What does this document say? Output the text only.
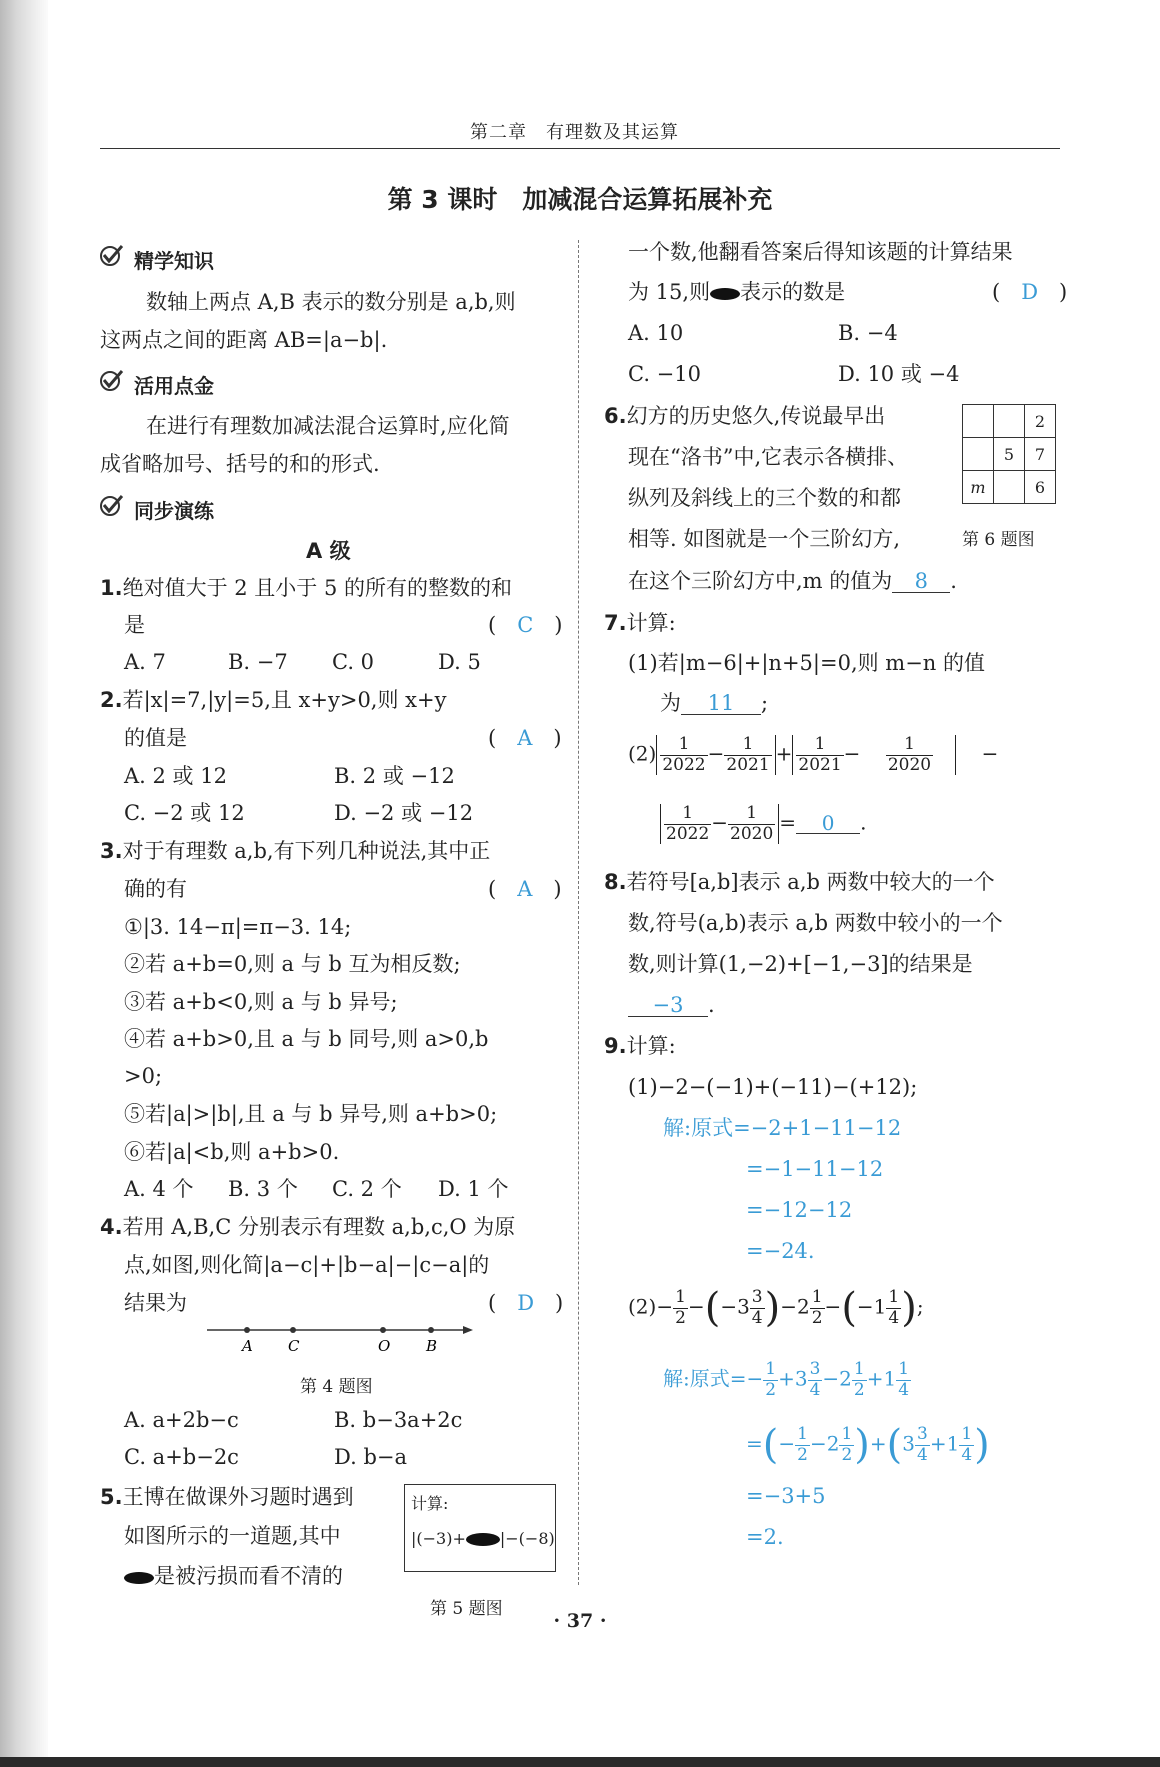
第二章　有理数及其运算
第 3 课时　加减混合运算拓展补充
精学知识
数轴上两点 A,B 表示的数分别是 a,b,则
这两点之间的距离 AB=|a−b|.
活用点金
在进行有理数加减法混合运算时,应化简
成省略加号、括号的和的形式.
同步演练
A 级
1.绝对值大于 2 且小于 5 的所有的整数的和
是	(　C　)
A. 7	B. −7 C. 0	D. 5
2.若|x|=7,|y|=5,且 x+y>0,则 x+y
的值是	(　A　)
A. 2 或 12	B. 2 或 −12
C. −2 或 12	D. −2 或 −12
3.对于有理数 a,b,有下列几种说法,其中正
确的有	(　A　)
①|3. 14−π|=π−3. 14;
②若 a+b=0,则 a 与 b 互为相反数;
③若 a+b<0,则 a 与 b 异号;
④若 a+b>0,且 a 与 b 同号,则 a>0,b
>0;
⑤若|a|>|b|,且 a 与 b 异号,则 a+b>0;
⑥若|a|<b,则 a+b>0.
A. 4 个 B. 3 个 C. 2 个 D. 1 个
4.若用 A,B,C 分别表示有理数 a,b,c,O 为原
点,如图,则化简|a−c|+|b−a|−|c−a|的
结果为	(　D　)
A C	O B
第 4 题图
A. a+2b−c	B. b−3a+2c
C. a+b−2c	D. b−a
5.王博在做课外习题时遇到
如图所示的一道题,其中
是被污损而看不清的
计算:
|(−3)+ |−(−8)
第 5 题图
一个数,他翻看答案后得知该题的计算结果
为 15,则 表示的数是	(　D　)
A. 10	B. −4
C. −10	D. 10 或 −4
6.幻方的历史悠久,传说最早出
现在“洛书”中,它表示各横排、
纵列及斜线上的三个数的和都
相等. 如图就是一个三阶幻方,
在这个三阶幻方中,m 的值为 8 .
		2
	5	7
m		6
第 6 题图
7.计算:
(1)若|m−6|+|n+5|=0,则 m−n 的值
为 11 ;
$(2) \frac{1}{2022} - \frac{1}{2021} + \frac{1}{2021} - \frac{1}{2020}$ −
$\frac{1}{2022} - \frac{1}{2020} = 0$ .
8.若符号[a,b]表示 a,b 两数中较大的一个
数,符号(a,b)表示 a,b 两数中较小的一个
数,则计算(1,−2)+[−1,−3]的结果是
−3 .
9.计算:
(1)−2−(−1)+(−11)−(+12);
解:原式=−2+1−11−12
=−1−11−12
=−12−12
=−24.
$(2)- \frac{1}{2} -(-3 \frac{3}{4} )-2 \frac{1}{2} -(-1 \frac{1}{4}$ );
解:原式=− $\frac{1}{2} +3 \frac{3}{4} -2 \frac{1}{2} +1 \frac{1}{4}$
=(− $\frac{1}{2} -2 \frac{1}{2} )+(3 \frac{3}{4} +1 \frac{1}{4}$ )
=−3+5
=2.
· 37 ·
